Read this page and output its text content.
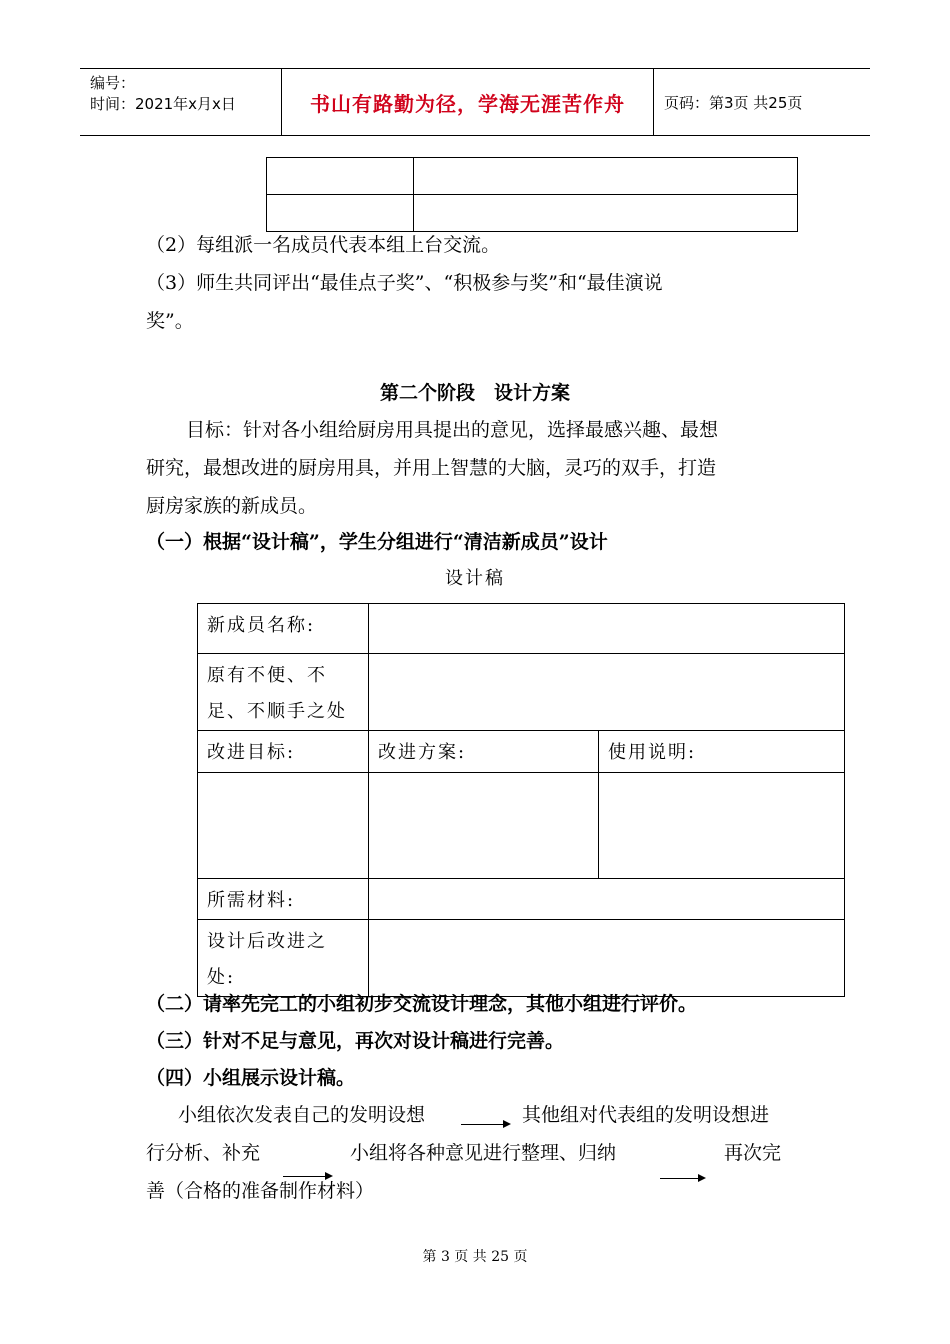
编号：
时间：2021年x月x日	书山有路勤为径，学海无涯苦作舟	页码：第3页 共25页

（2）每组派一名成员代表本组上台交流。
（3）师生共同评出“最佳点子奖”、“积极参与奖”和“最佳演说
奖”。
第二个阶段　设计方案
目标：针对各小组给厨房用具提出的意见，选择最感兴趣、最想
研究，最想改进的厨房用具，并用上智慧的大脑，灵巧的双手，打造
厨房家族的新成员。
（一）根据“设计稿”，学生分组进行“清洁新成员”设计
设计稿
新成员名称:		

原有不便、不
足、不顺手之处		

改进目标:	改进方案:	使用说明:

所需材料:		

设计后改进之
处:		

（二）请率先完工的小组初步交流设计理念，其他小组进行评价。
（三）针对不足与意见，再次对设计稿进行完善。
（四）小组展示设计稿。
小组依次发表自己的发明设想	其他组对代表组的发明设想进
行分析、补充	小组将各种意见进行整理、归纳	再次完
善（合格的准备制作材料）
第 3 页 共 25 页
